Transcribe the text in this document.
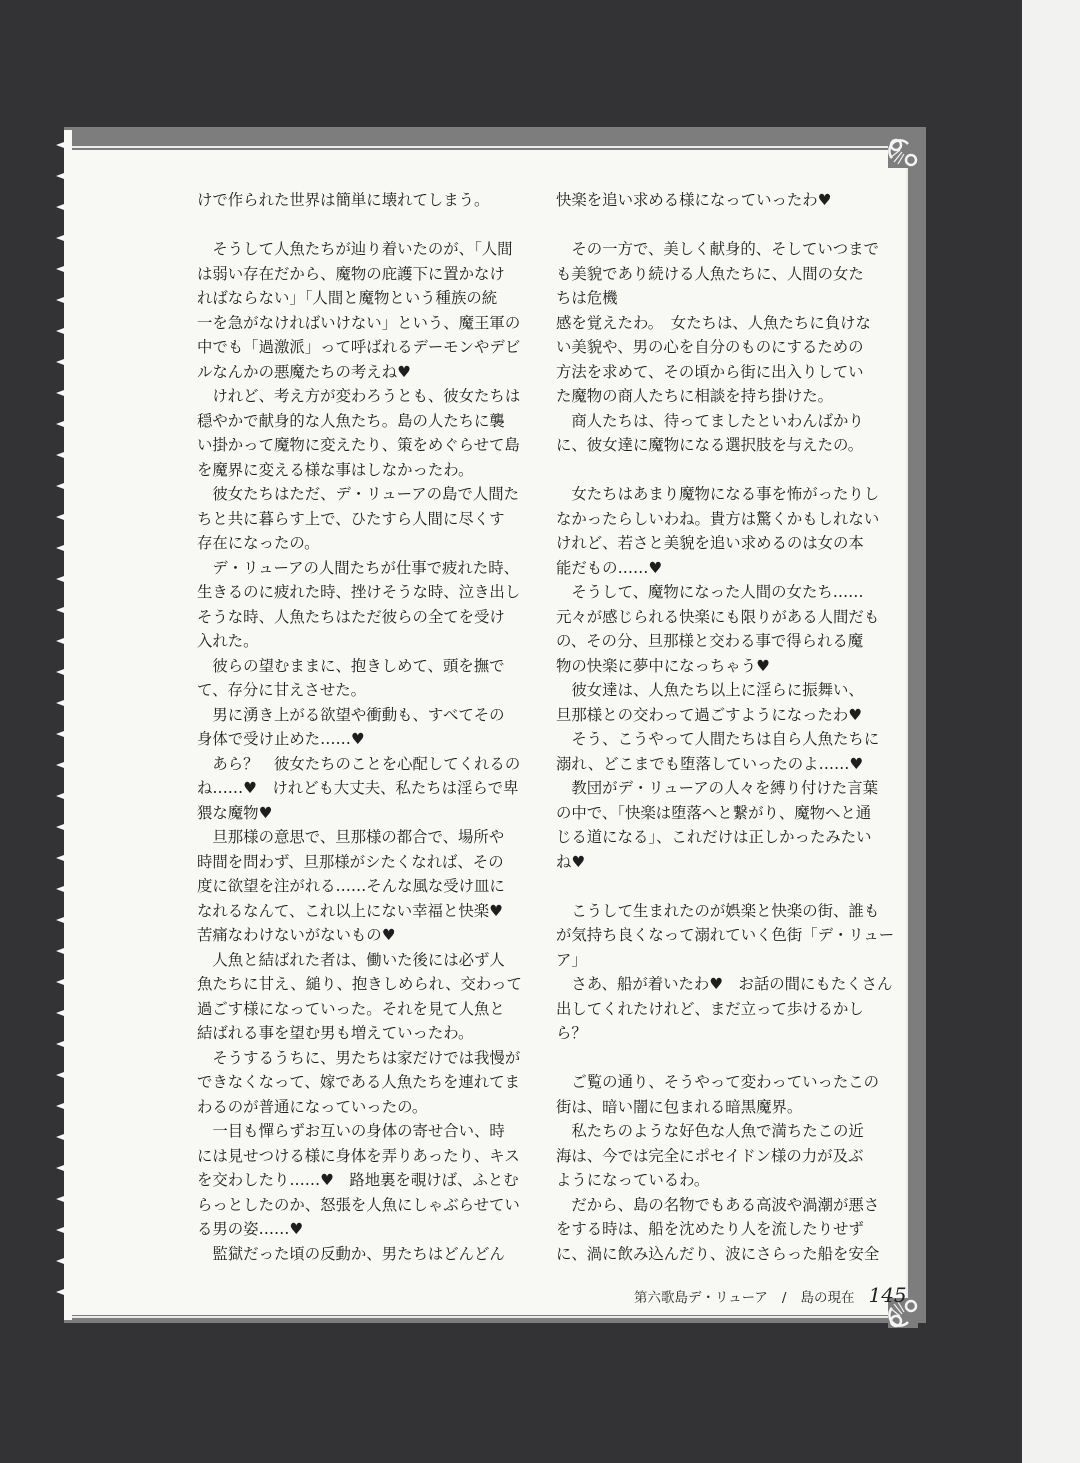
けで作られた世界は簡単に壊れてしまう。
　そうして人魚たちが辿り着いたのが、「人間
は弱い存在だから、魔物の庇護下に置かなけ
ればならない」「人間と魔物という種族の統
一を急がなければいけない」という、魔王軍の
中でも「過激派」って呼ばれるデーモンやデビ
ルなんかの悪魔たちの考えね♥
　けれど、考え方が変わろうとも、彼女たちは
穏やかで献身的な人魚たち。島の人たちに襲
い掛かって魔物に変えたり、策をめぐらせて島
を魔界に変える様な事はしなかったわ。
　彼女たちはただ、デ・リューアの島で人間た
ちと共に暮らす上で、ひたすら人間に尽くす
存在になったの。
　デ・リューアの人間たちが仕事で疲れた時、
生きるのに疲れた時、挫けそうな時、泣き出し
そうな時、人魚たちはただ彼らの全てを受け
入れた。
　彼らの望むままに、抱きしめて、頭を撫で
て、存分に甘えさせた。
　男に湧き上がる欲望や衝動も、すべてその
身体で受け止めた……♥
　あら？　彼女たちのことを心配してくれるの
ね……♥　けれども大丈夫、私たちは淫らで卑
猥な魔物♥
　旦那様の意思で、旦那様の都合で、場所や
時間を問わず、旦那様がシたくなれば、その
度に欲望を注がれる……そんな風な受け皿に
なれるなんて、これ以上にない幸福と快楽♥
苦痛なわけないがないもの♥
　人魚と結ばれた者は、働いた後には必ず人
魚たちに甘え、縋り、抱きしめられ、交わって
過ごす様になっていった。それを見て人魚と
結ばれる事を望む男も増えていったわ。
　そうするうちに、男たちは家だけでは我慢が
できなくなって、嫁である人魚たちを連れてま
わるのが普通になっていったの。
　一目も憚らずお互いの身体の寄せ合い、時
には見せつける様に身体を弄りあったり、キス
を交わしたり……♥　路地裏を覗けば、ふとむ
らっとしたのか、怒張を人魚にしゃぶらせてい
る男の姿……♥
　監獄だった頃の反動か、男たちはどんどん
快楽を追い求める様になっていったわ♥
　その一方で、美しく献身的、そしていつまで
も美貌であり続ける人魚たちに、人間の女た
ちは危機
感を覚えたわ。　女たちは、人魚たちに負けな
い美貌や、男の心を自分のものにするための
方法を求めて、その頃から街に出入りしてい
た魔物の商人たちに相談を持ち掛けた。
　商人たちは、待ってましたといわんばかり
に、彼女達に魔物になる選択肢を与えたの。
　女たちはあまり魔物になる事を怖がったりし
なかったらしいわね。貴方は驚くかもしれない
けれど、若さと美貌を追い求めるのは女の本
能だもの……♥
　そうして、魔物になった人間の女たち……
元々が感じられる快楽にも限りがある人間だも
の、その分、旦那様と交わる事で得られる魔
物の快楽に夢中になっちゃう♥
　彼女達は、人魚たち以上に淫らに振舞い、
旦那様との交わって過ごすようになったわ♥
　そう、こうやって人間たちは自ら人魚たちに
溺れ、どこまでも堕落していったのよ……♥
　教団がデ・リューアの人々を縛り付けた言葉
の中で、「快楽は堕落へと繋がり、魔物へと通
じる道になる」、これだけは正しかったみたい
ね♥
　こうして生まれたのが娯楽と快楽の街、誰も
が気持ち良くなって溺れていく色街「デ・リュー
ア」
　さあ、船が着いたわ♥　お話の間にもたくさん
出してくれたけれど、まだ立って歩けるかし
ら？
　ご覧の通り、そうやって変わっていったこの
街は、暗い闇に包まれる暗黒魔界。
　私たちのような好色な人魚で満ちたこの近
海は、今では完全にポセイドン様の力が及ぶ
ようになっているわ。
　だから、島の名物でもある高波や渦潮が悪さ
をする時は、船を沈めたり人を流したりせず
に、渦に飲み込んだり、波にさらった船を安全
第六歌島デ・リューア / 島の現在 145
